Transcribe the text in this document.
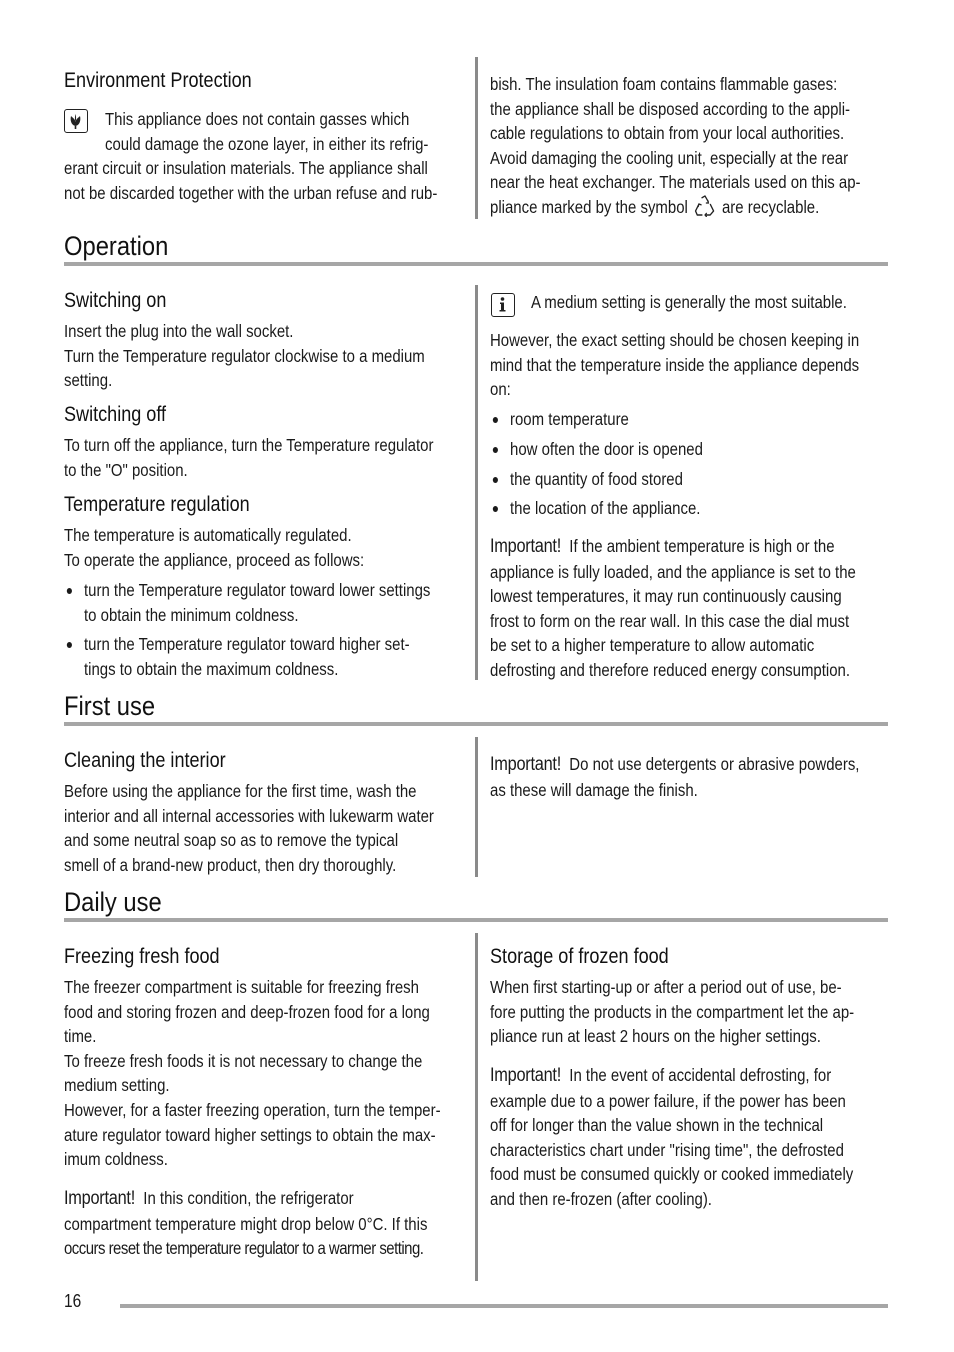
Environment Protection
This appliance does not contain gasses which
could damage the ozone layer, in either its refrig-
erant circuit or insulation materials. The appliance shall
not be discarded together with the urban refuse and rub-
bish. The insulation foam contains flammable gases:
the appliance shall be disposed according to the appli-
cable regulations to obtain from your local authorities.
Avoid damaging the cooling unit, especially at the rear
near the heat exchanger. The materials used on this ap-
pliance marked by the symbol are recyclable.
Operation
Switching on
Insert the plug into the wall socket.
Turn the Temperature regulator clockwise to a medium
setting.
Switching off
To turn off the appliance, turn the Temperature regulator
to the "O" position.
Temperature regulation
The temperature is automatically regulated.
To operate the appliance, proceed as follows:
turn the Temperature regulator toward lower settings
to obtain the minimum coldness.
turn the Temperature regulator toward higher set-
tings to obtain the maximum coldness.
A medium setting is generally the most suitable.
However, the exact setting should be chosen keeping in
mind that the temperature inside the appliance depends
on:
room temperature
how often the door is opened
the quantity of food stored
the location of the appliance.
Important! If the ambient temperature is high or the
appliance is fully loaded, and the appliance is set to the
lowest temperatures, it may run continuously causing
frost to form on the rear wall. In this case the dial must
be set to a higher temperature to allow automatic
defrosting and therefore reduced energy consumption.
First use
Cleaning the interior
Before using the appliance for the first time, wash the
interior and all internal accessories with lukewarm water
and some neutral soap so as to remove the typical
smell of a brand-new product, then dry thoroughly.
Important! Do not use detergents or abrasive powders,
as these will damage the finish.
Daily use
Freezing fresh food
The freezer compartment is suitable for freezing fresh
food and storing frozen and deep-frozen food for a long
time.
To freeze fresh foods it is not necessary to change the
medium setting.
However, for a faster freezing operation, turn the temper-
ature regulator toward higher settings to obtain the max-
imum coldness.
Important! In this condition, the refrigerator
compartment temperature might drop below 0°C. If this
occurs reset the temperature regulator to a warmer setting.
Storage of frozen food
When first starting-up or after a period out of use, be-
fore putting the products in the compartment let the ap-
pliance run at least 2 hours on the higher settings.
Important! In the event of accidental defrosting, for
example due to a power failure, if the power has been
off for longer than the value shown in the technical
characteristics chart under "rising time", the defrosted
food must be consumed quickly or cooked immediately
and then re-frozen (after cooling).
16
